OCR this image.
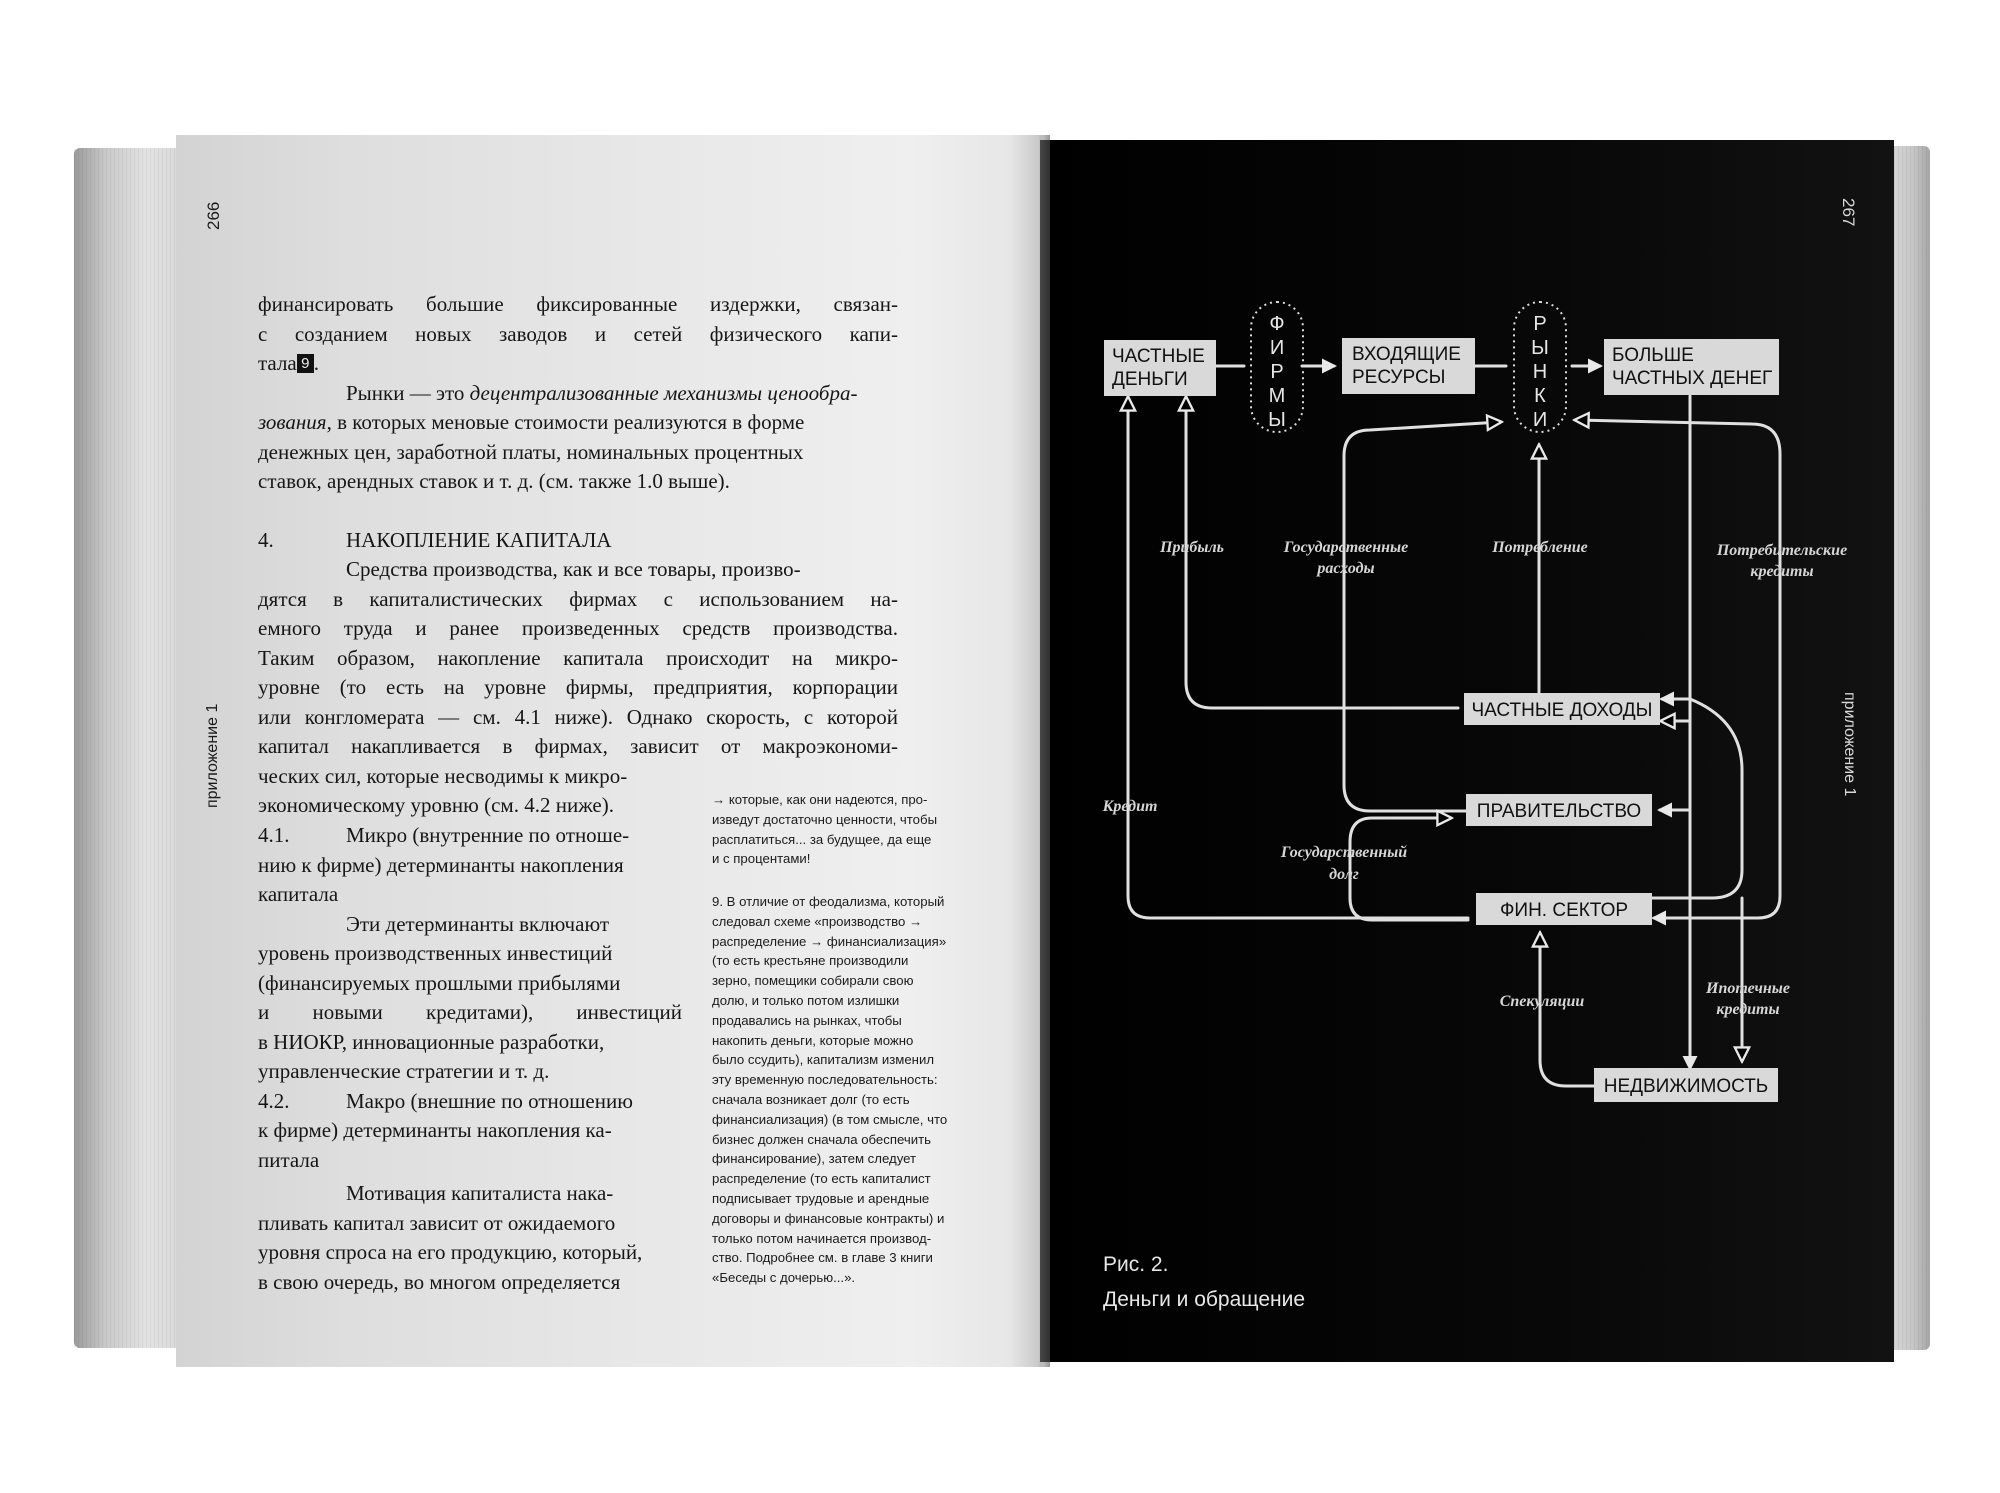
266
приложение 1
финансировать большие фиксированные издержки, связан-
с созданием новых заводов и сетей физического капи-
тала 9 .
Рынки — это децентрализованные механизмы ценообра-
зования, в которых меновые стоимости реализуются в форме
денежных цен, заработной платы, номинальных процентных
ставок, арендных ставок и т. д. (см. также 1.0 выше).
4.	НАКОПЛЕНИЕ КАПИТАЛА
Средства производства, как и все товары, произво-
дятся в капиталистических фирмах с использованием на-
емного труда и ранее произведенных средств производства.
Таким образом, накопление капитала происходит на микро-
уровне (то есть на уровне фирмы, предприятия, корпорации
или конгломерата — см. 4.1 ниже). Однако скорость, с которой
капитал накапливается в фирмах, зависит от макроэкономи-
ческих сил, которые несводимы к микро-
экономическому уровню (см. 4.2 ниже).
4.1.	Микро (внутренние по отноше-
нию к фирме) детерминанты накопления
капитала
Эти детерминанты включают
уровень производственных инвестиций
(финансируемых прошлыми прибылями
и новыми кредитами), инвестиций
в НИОКР, инновационные разработки,
управленческие стратегии и т. д.
4.2.	Макро (внешние по отношению
к фирме) детерминанты накопления ка-
питала
Мотивация капиталиста нака-
пливать капитал зависит от ожидаемого
уровня спроса на его продукцию, который,
в свою очередь, во многом определяется
→ которые, как они надеются, про-
изведут достаточно ценности, чтобы
расплатиться... за будущее, да еще
и с процентами!
9. В отличие от феодализма, который
следовал схеме «производство →
распределение → финансиализация»
(то есть крестьяне производили
зерно, помещики собирали свою
долю, и только потом излишки
продавались на рынках, чтобы
накопить деньги, которые можно
было ссудить), капитализм изменил
эту временную последовательность:
сначала возникает долг (то есть
финансиализация) (в том смысле, что
бизнес должен сначала обеспечить
финансирование), затем следует
распределение (то есть капиталист
подписывает трудовые и арендные
договоры и финансовые контракты) и
только потом начинается производ-
ство. Подробнее см. в главе 3 книги
«Беседы с дочерью...».
267
приложение 1
ЧАСТНЫЕ
ДЕНЬГИ
ВХОДЯЩИЕ
РЕСУРСЫ
БОЛЬШЕ
ЧАСТНЫХ ДЕНЕГ
ЧАСТНЫЕ ДОХОДЫ
ПРАВИТЕЛЬСТВО
ФИН. СЕКТОР
НЕДВИЖИМОСТЬ
Ф
И
Р
М
Ы
Р
Ы
Н
К
И
Прибыль	Государственные
расходы
Потребление	Потребительские
кредиты
Кредит
Государственный
долг
Спекуляции
Ипотечные
кредиты
Рис. 2.
Деньги и обращение
